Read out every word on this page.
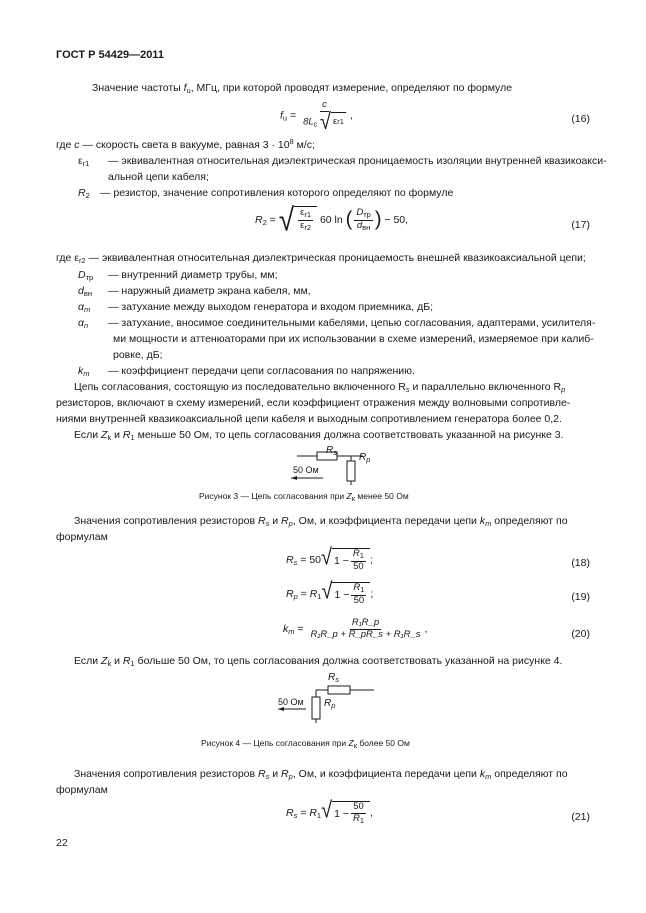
ГОСТ Р 54429—2011
Значение частоты $f_u$, МГц, при которой проводят измерение, определяют по формуле
$f_u = \frac{c}{8L_c √ \varepsilon r1}$ ,	(16)
где c — скорость света в вакууме, равная $3 \cdot 10^8$ м/с;
$\varepsilon_{r1}$ — эквивалентная относительная диэлектрическая проницаемость изоляции внутренней квазикоакси-
альной цепи кабеля;
$R_2$ — резистор, значение сопротивления которого определяют по формуле
$R_2$ = √ $\frac{\varepsilon_{r1}}{\varepsilon_{r2}} 60$ ln ( $\frac{D_{тр}}{d_{вн}}$ ) − 50,	(17)
где $\varepsilon_{r2}$ — эквивалентная относительная диэлектрическая проницаемость внешней квазикоаксиальной цепи;
$D_{тр}$ — внутренний диаметр трубы, мм;
$d_{вн}$ — наружный диаметр экрана кабеля, мм,
$\alpha_m$ — затухание между выходом генератора и входом приемника, дБ;
$\alpha_n$ — затухание, вносимое соединительными кабелями, цепью согласования, адаптерами, усилителя-
ми мощности и аттенюаторами при их использовании в схеме измерений, измеряемое при калиб-
ровке, дБ;
$k_m$ — коэффициент передачи цепи согласования по напряжению.
Цепь согласования, состоящую из последовательно включенного $R_s$ и параллельно включенного $R_p$
резисторов, включают в схему измерений, если коэффициент отражения между волновыми сопротивле-
ниями внутренней квазикоаксиальной цепи кабеля и выходным сопротивлением генератора более 0,2.
Если $Z_k$ и $R_1$ меньше 50 Ом, то цепь согласования должна соответствовать указанной на рисунке 3.
$R_s$ $R_p$
50 Ом
Рисунок 3 — Цепь согласования при $Z_к$ менее 50 Ом
Значения сопротивления резисторов $R_s$ и $R_p$, Ом, и коэффициента передачи цепи $k_m$ определяют по
формулам
$R_s = 50$ √ $1 - \frac{R_1}{50}$ ;	(18)
$R_p = R_1$ √ $1 - \frac{R_1}{50}$ ;	(19)
$k_m = \frac{\text{R₁R\_p}}{\text{R₁R\_p + R\_pR\_s + R₁R\_s}}$ ,	(20)
Если $Z_k$ и $R_1$ больше 50 Ом, то цепь согласования должна соответствовать указанной на рисунке 4.
$R_s$
$R_p$
50 Ом
Рисунок 4 — Цепь согласования при $Z_к$ более 50 Ом
Значения сопротивления резисторов $R_s$ и $R_p$, Ом, и коэффициента передачи цепи $k_m$ определяют по
формулам
$R_s = R_1$ √ $1 - \frac{50}{R_1}$ ,	(21)
22
